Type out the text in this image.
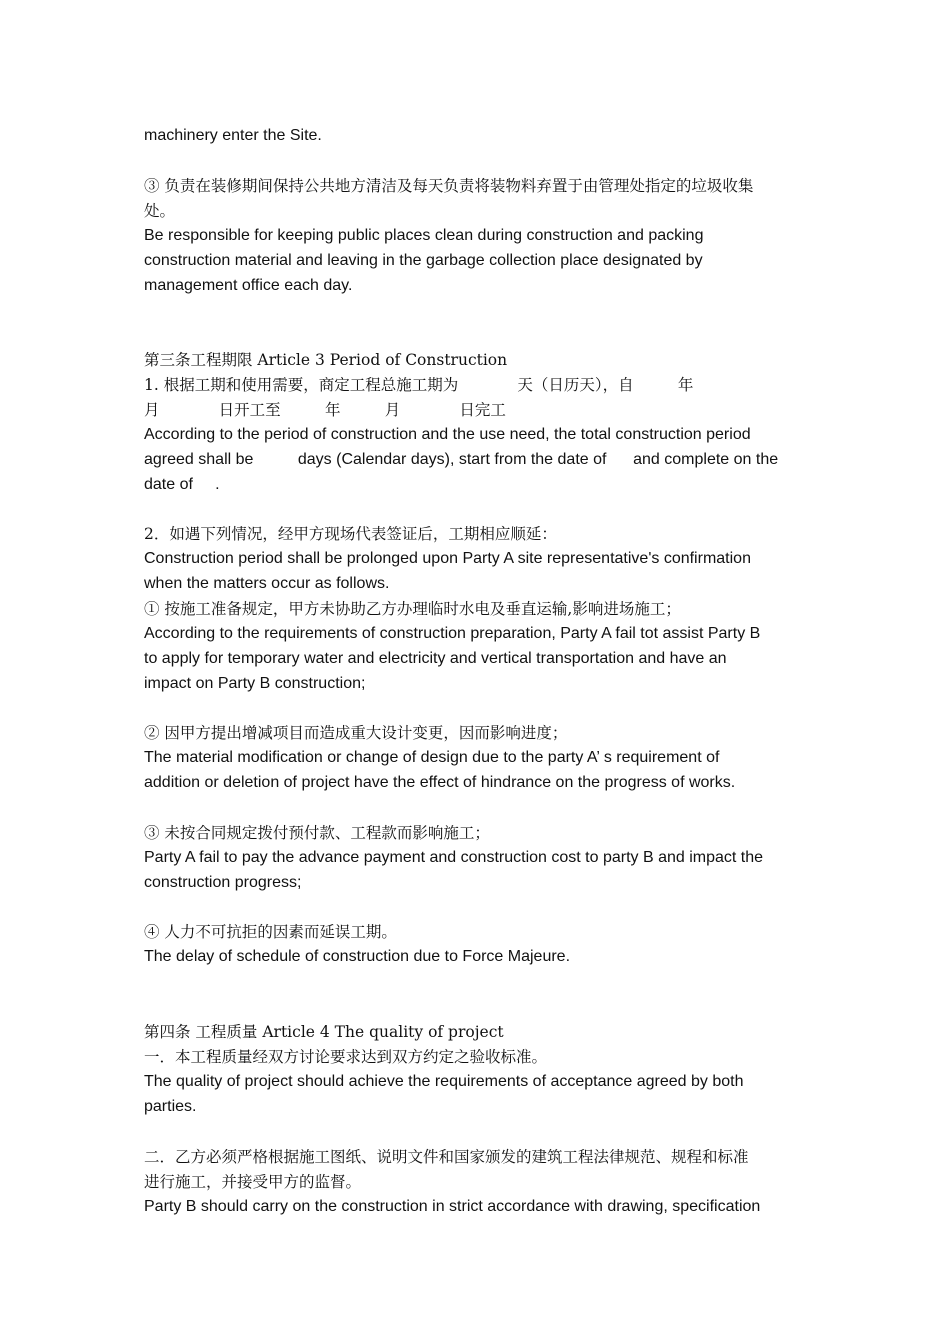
machinery enter the Site.

③ 负责在装修期间保持公共地方清洁及每天负责将装物料弃置于由管理处指定的垃圾收集

处。

Be responsible for keeping public places clean during construction and packing

construction material and leaving in the garbage collection place designated by

management office each day.

第三条工程期限 Article 3 Period of Construction

1. 根据工期和使用需要，商定工程总施工期为            天（日历天），自         年

月            日开工至         年         月            日完工

According to the period of construction and the use need, the total construction period

agreed shall be          days (Calendar days), start from the date of      and complete on the

date of     .

2．如遇下列情况，经甲方现场代表签证后，工期相应顺延：

Construction period shall be prolonged upon Party A site representative's confirmation

when the matters occur as follows.

① 按施工准备规定，甲方未协助乙方办理临时水电及垂直运输,影响进场施工；

According to the requirements of construction preparation, Party A fail tot assist Party B

to apply for temporary water and electricity and vertical transportation and have an

impact on Party B construction;

② 因甲方提出增减项目而造成重大设计变更，因而影响进度；

The material modification or change of design due to the party A’ s requirement of

addition or deletion of project have the effect of hindrance on the progress of works.

③ 未按合同规定拨付预付款、工程款而影响施工；

Party A fail to pay the advance payment and construction cost to party B and impact the

construction progress;

④ 人力不可抗拒的因素而延误工期。

The delay of schedule of construction due to Force Majeure.

第四条 工程质量 Article 4 The quality of project

一．本工程质量经双方讨论要求达到双方约定之验收标准。

The quality of project should achieve the requirements of acceptance agreed by both

parties.

二．乙方必须严格根据施工图纸、说明文件和国家颁发的建筑工程法律规范、规程和标准

进行施工，并接受甲方的监督。

Party B should carry on the construction in strict accordance with drawing, specification
